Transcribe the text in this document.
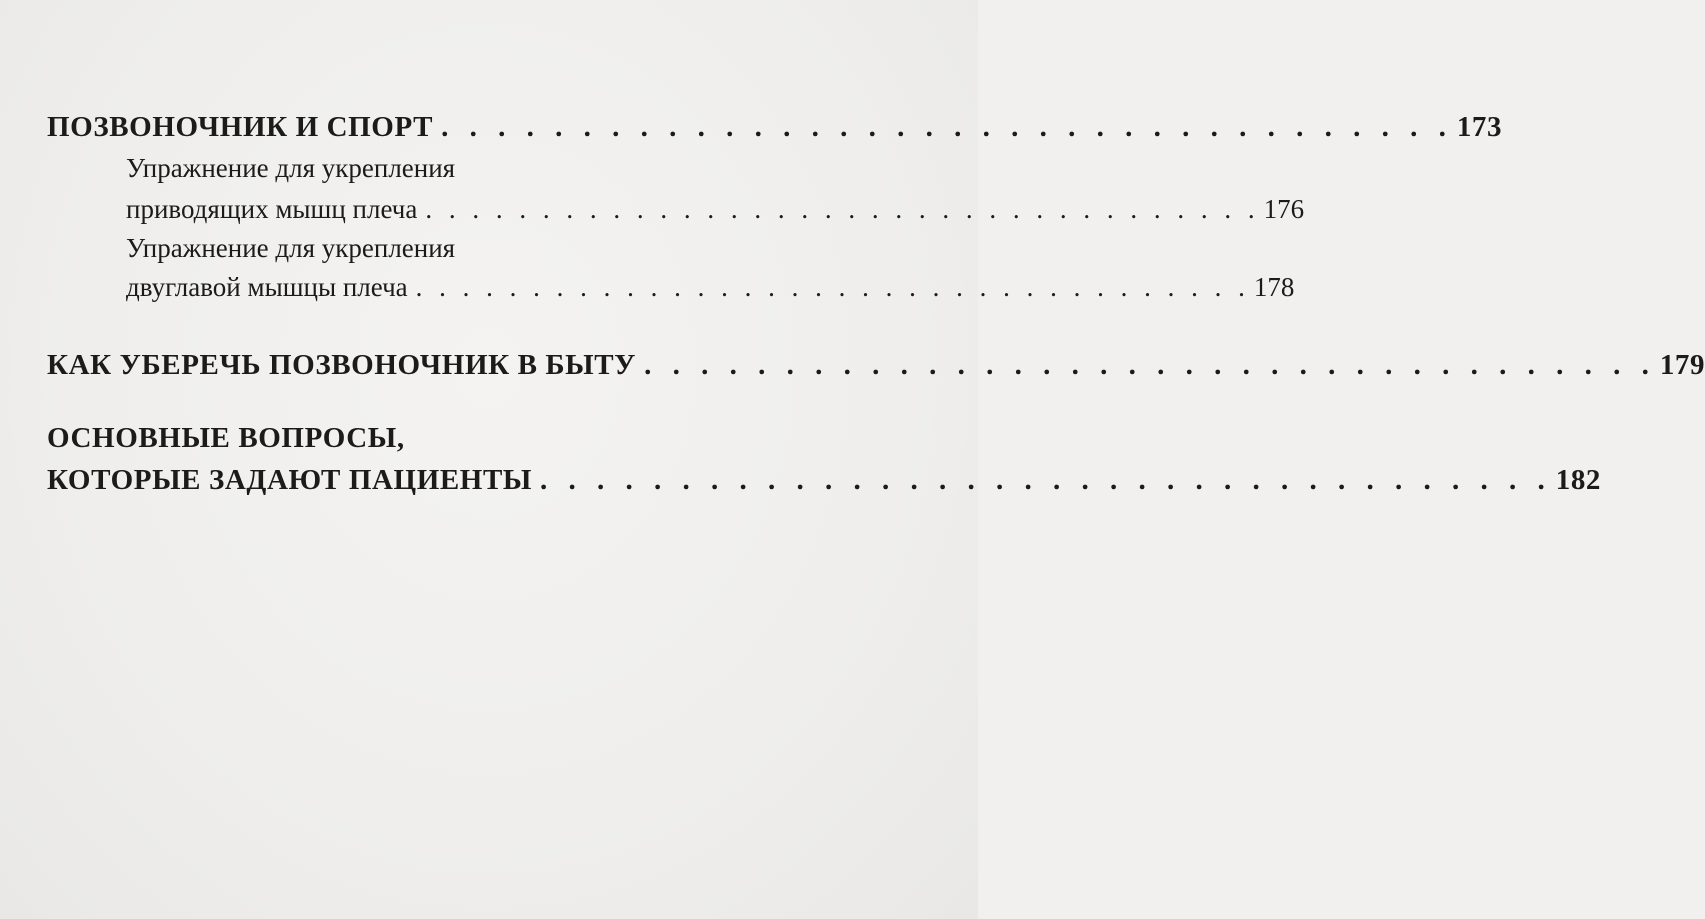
ПОЗВОНОЧНИК И СПОРТ . . . . . . . . . . . . . . . . . . . . . . . . . . . . . . . . . . . . 173
Упражнение для укрепления
приводящих мышц плеча . . . . . . . . . . . . . . . . . . . . . . . . . . . . . . . . . . . . 176
Упражнение для укрепления
двуглавой мышцы плеча . . . . . . . . . . . . . . . . . . . . . . . . . . . . . . . . . . . . 178
КАК УБЕРЕЧЬ ПОЗВОНОЧНИК В БЫТУ . . . . . . . . . . . . . . . . . . . . . . . . . . . . . . . . . . . . 179
ОСНОВНЫЕ ВОПРОСЫ,
КОТОРЫЕ ЗАДАЮТ ПАЦИЕНТЫ . . . . . . . . . . . . . . . . . . . . . . . . . . . . . . . . . . . . 182
